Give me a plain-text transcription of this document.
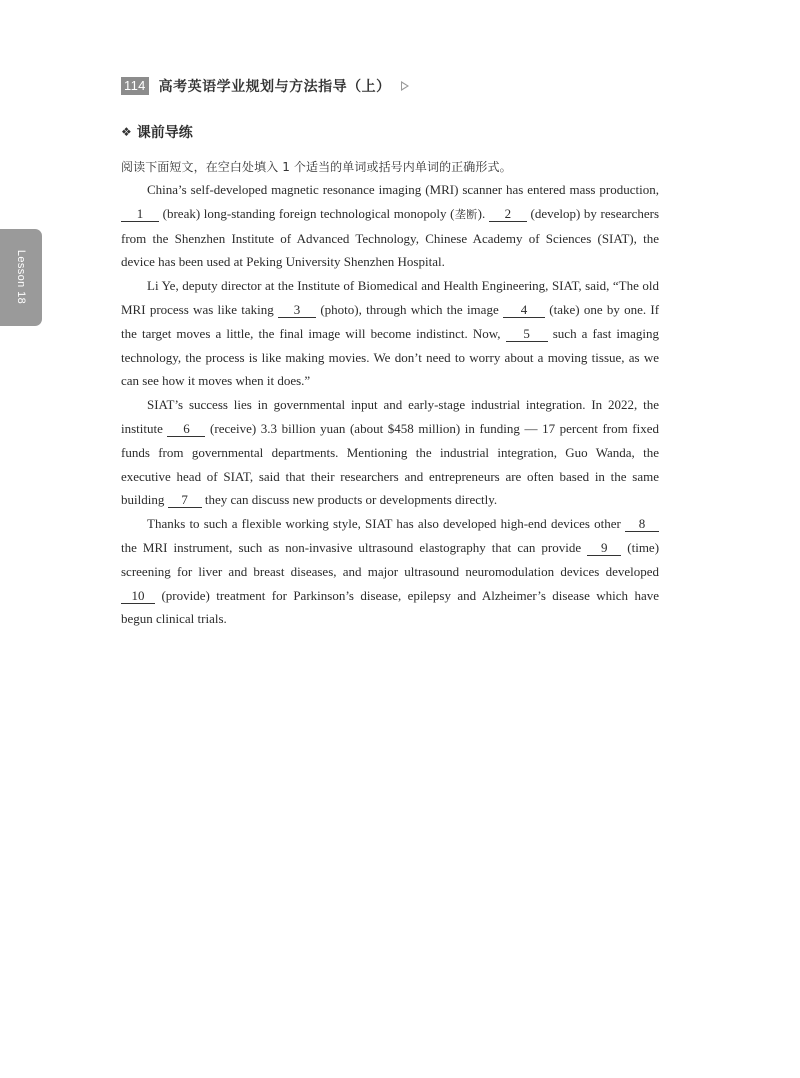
114 高考英语学业规划与方法指导（上）
Lesson 18
❖ 课前导练
阅读下面短文，在空白处填入 1 个适当的单词或括号内单词的正确形式。

China’s self-developed magnetic resonance imaging (MRI) scanner has entered mass production, 1 (break) long-standing foreign technological monopoly (垄断). 2 (develop) by researchers from the Shenzhen Institute of Advanced Technology, Chinese Academy of Sciences (SIAT), the device has been used at Peking University Shenzhen Hospital.

Li Ye, deputy director at the Institute of Biomedical and Health Engineering, SIAT, said, “The old MRI process was like taking 3 (photo), through which the image 4 (take) one by one. If the target moves a little, the final image will become indistinct. Now, 5 such a fast imaging technology, the process is like making movies. We don’t need to worry about a moving tissue, as we can see how it moves when it does.”

SIAT’s success lies in governmental input and early-stage industrial integration. In 2022, the institute 6 (receive) 3.3 billion yuan (about $458 million) in funding — 17 percent from fixed funds from governmental departments. Mentioning the industrial integration, Guo Wanda, the executive head of SIAT, said that their researchers and entrepreneurs are often based in the same building 7 they can discuss new products or developments directly.

Thanks to such a flexible working style, SIAT has also developed high-end devices other 8 the MRI instrument, such as non-invasive ultrasound elastography that can provide 9 (time) screening for liver and breast diseases, and major ultrasound neuromodulation devices developed 10 (provide) treatment for Parkinson’s disease, epilepsy and Alzheimer’s disease which have begun clinical trials.
